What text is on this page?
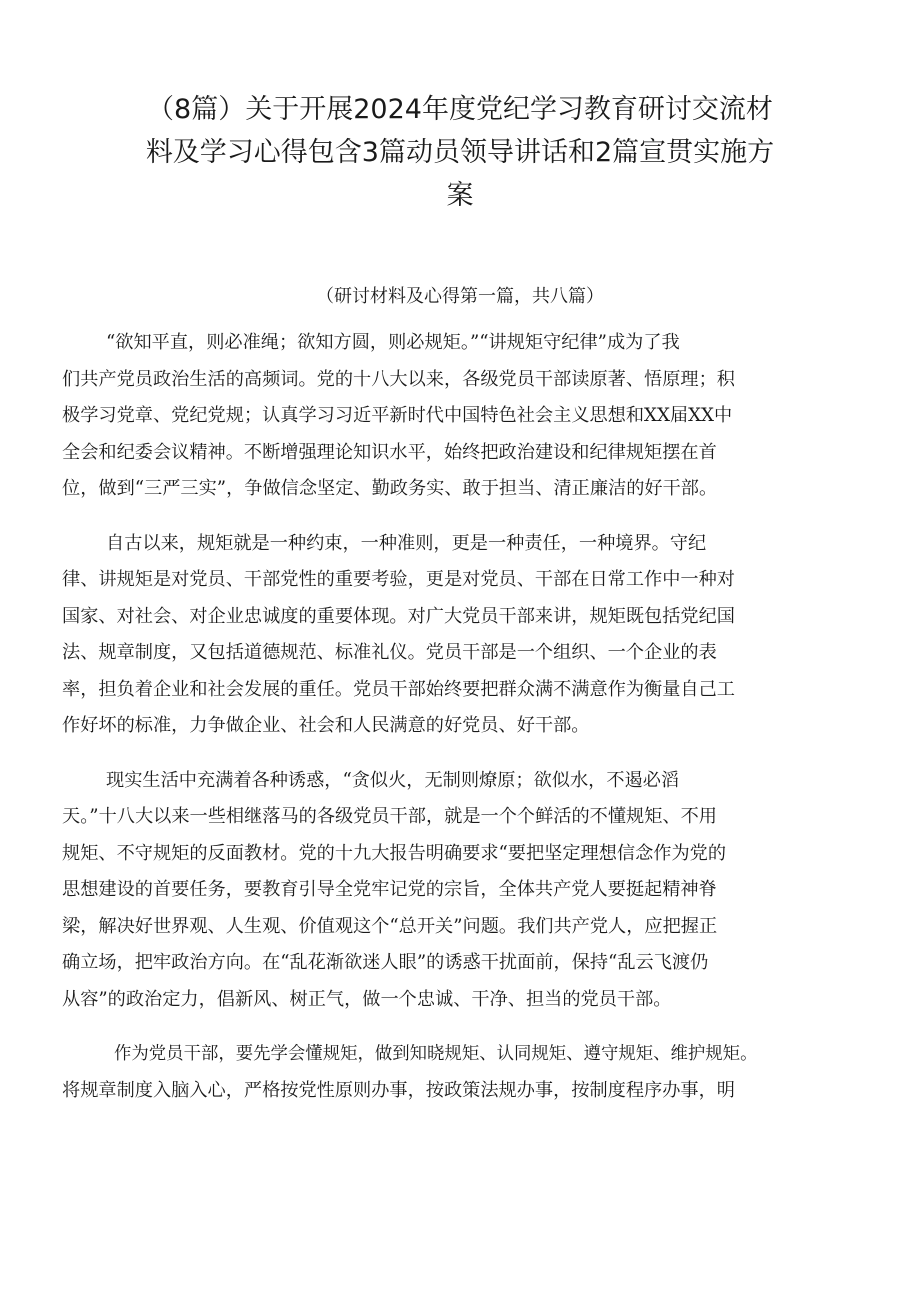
（8篇）关于开展2024年度党纪学习教育研讨交流材
料及学习心得包含3篇动员领导讲话和2篇宣贯实施方
案
（研讨材料及心得第一篇，共八篇）
“欲知平直，则必准绳；欲知方圆，则必规矩。”“讲规矩守纪律”成为了我
们共产党员政治生活的高频词。党的十八大以来，各级党员干部读原著、悟原理；积
极学习党章、党纪党规；认真学习习近平新时代中国特色社会主义思想和XX届XX中
全会和纪委会议精神。不断增强理论知识水平，始终把政治建设和纪律规矩摆在首
位，做到“三严三实”，争做信念坚定、勤政务实、敢于担当、清正廉洁的好干部。
自古以来，规矩就是一种约束，一种准则，更是一种责任，一种境界。守纪
律、讲规矩是对党员、干部党性的重要考验，更是对党员、干部在日常工作中一种对
国家、对社会、对企业忠诚度的重要体现。对广大党员干部来讲，规矩既包括党纪国
法、规章制度，又包括道德规范、标准礼仪。党员干部是一个组织、一个企业的表
率，担负着企业和社会发展的重任。党员干部始终要把群众满不满意作为衡量自己工
作好坏的标准，力争做企业、社会和人民满意的好党员、好干部。
现实生活中充满着各种诱惑，“贪似火，无制则燎原；欲似水，不遏必滔
天。”十八大以来一些相继落马的各级党员干部，就是一个个鲜活的不懂规矩、不用
规矩、不守规矩的反面教材。党的十九大报告明确要求“要把坚定理想信念作为党的
思想建设的首要任务，要教育引导全党牢记党的宗旨，全体共产党人要挺起精神脊
梁，解决好世界观、人生观、价值观这个“总开关”问题。我们共产党人，应把握正
确立场，把牢政治方向。在“乱花渐欲迷人眼”的诱惑干扰面前，保持“乱云飞渡仍
从容”的政治定力，倡新风、树正气，做一个忠诚、干净、担当的党员干部。
作为党员干部，要先学会懂规矩，做到知晓规矩、认同规矩、遵守规矩、维护规矩。
将规章制度入脑入心，严格按党性原则办事，按政策法规办事，按制度程序办事，明
